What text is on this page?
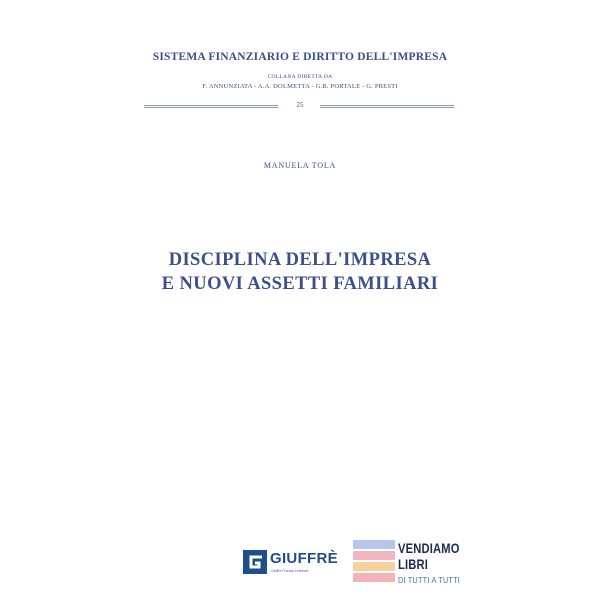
SISTEMA FINANZIARIO E DIRITTO DELL'IMPRESA
COLLANA DIRETTA DA
F. ANNUNZIATA - A.A. DOLMETTA - G.B. PORTALE - G. PRESTI
25
MANUELA TOLA
DISCIPLINA DELL'IMPRESA
E NUOVI ASSETTI FAMILIARI
GIUFFRÈ
Giuffrè Francis Lefebvre
VENDIAMO
LIBRI
DI TUTTI A TUTTI
